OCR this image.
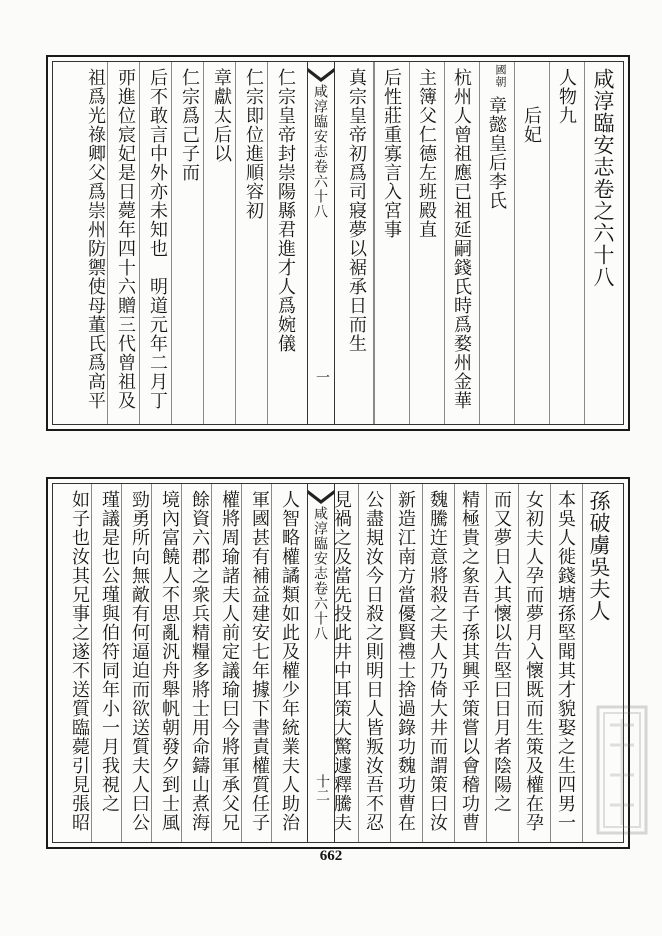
咸淳臨安志卷之六十八
人物九
　　后妃
國朝
章懿皇后李氏
杭州人曾祖應已祖延嗣錢氏時爲婺州金華
主簿父仁德左班殿直
后性莊重寡言入宮事
真宗皇帝初爲司寢夢以裾承日而生
咸淳臨安志卷六十八
一
仁宗皇帝封崇陽縣君進才人爲婉儀
仁宗即位進順容初
章獻太后以
仁宗爲己子而
后不敢言中外亦未知也　明道元年二月丁
丣進位宸妃是日薨年四十六贈三代曾祖及
祖爲光祿卿父爲崇州防禦使母董氏爲高平
孫破虜吳夫人
本吳人徙錢塘孫堅聞其才貌娶之生四男一
女初夫人孕而夢月入懷既而生策及權在孕
而又夢日入其懷以告堅曰日月者陰陽之
精極貴之象吾子孫其興乎策嘗以會稽功曹
魏騰迕意將殺之夫人乃倚大井而謂策曰汝
新造江南方當優賢禮士捨過錄功魏功曹在
公盡規汝今日殺之則明日人皆叛汝吾不忍
見禍之及當先投此井中耳策大驚遽釋騰夫
咸淳臨安志卷六十八
十二
人智略權譎類如此及權少年統業夫人助治
軍國甚有補益建安七年據下書責權質任子
權將周瑜諸夫人前定議瑜曰今將軍承父兄
餘資六郡之衆兵精糧多將士用命鑄山煮海
境內富饒人不思亂汎舟舉帆朝發夕到士風
勁勇所向無敵有何逼迫而欲送質夫人曰公
瑾議是也公瑾與伯符同年小一月我視之
如子也汝其兄事之遂不送質臨薨引見張昭
662
